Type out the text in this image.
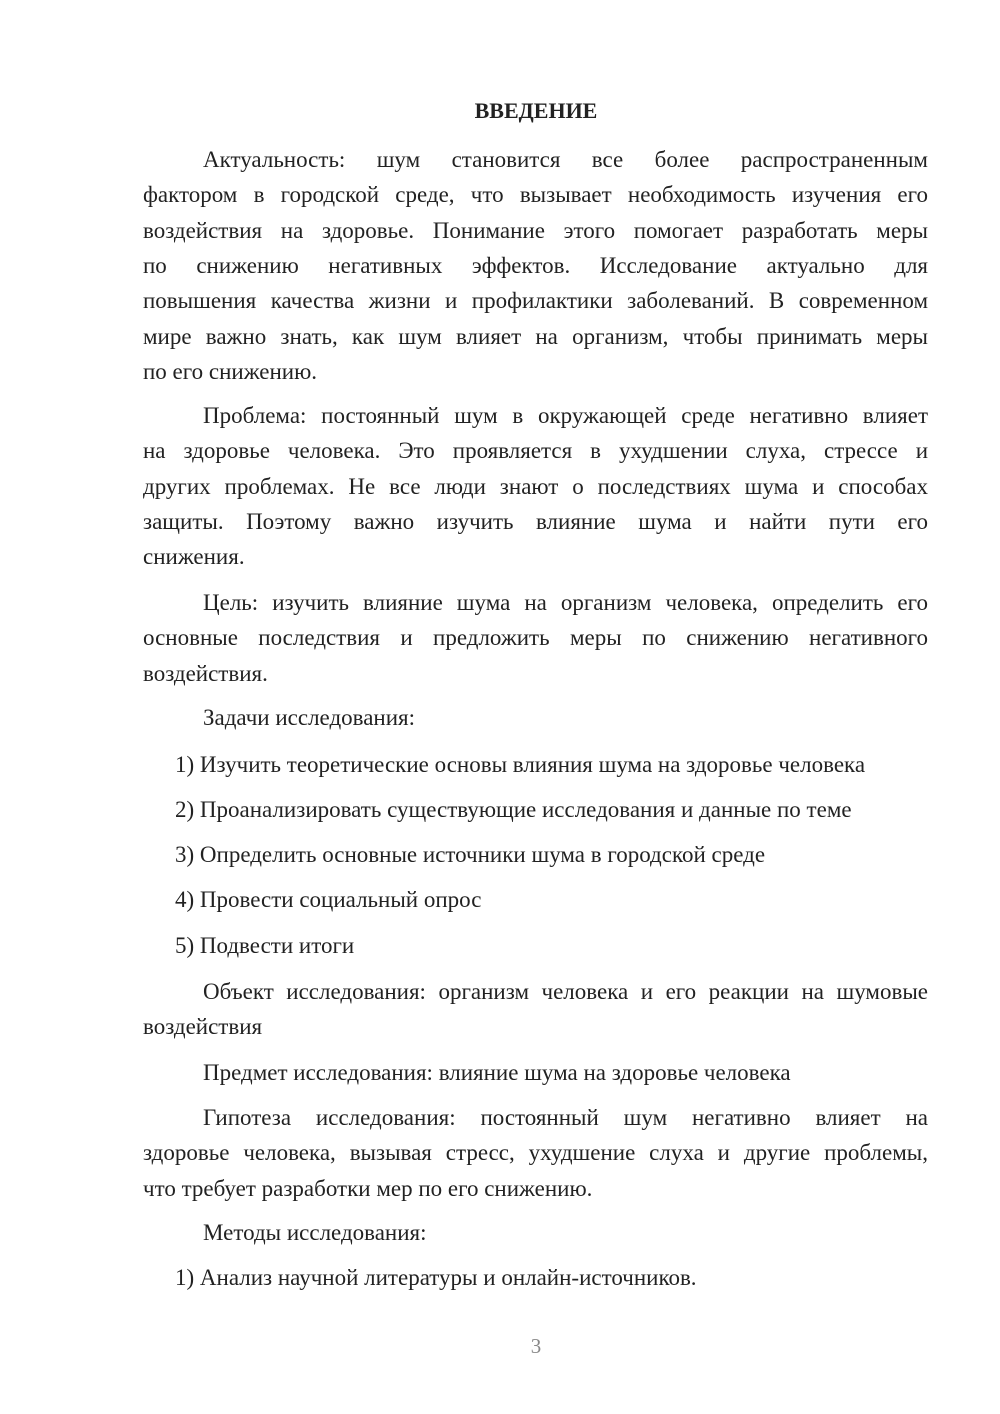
ВВЕДЕНИЕ
Актуальность: шум становится все более распространенным
фактором в городской среде, что вызывает необходимость изучения его
воздействия на здоровье. Понимание этого помогает разработать меры
по снижению негативных эффектов. Исследование актуально для
повышения качества жизни и профилактики заболеваний. В современном
мире важно знать, как шум влияет на организм, чтобы принимать меры
по его снижению.
Проблема: постоянный шум в окружающей среде негативно влияет
на здоровье человека. Это проявляется в ухудшении слуха, стрессе и
других проблемах. Не все люди знают о последствиях шума и способах
защиты. Поэтому важно изучить влияние шума и найти пути его
снижения.
Цель: изучить влияние шума на организм человека, определить его
основные последствия и предложить меры по снижению негативного
воздействия.
Задачи исследования:
1) Изучить теоретические основы влияния шума на здоровье человека
2) Проанализировать существующие исследования и данные по теме
3) Определить основные источники шума в городской среде
4) Провести социальный опрос
5) Подвести итоги
Объект исследования: организм человека и его реакции на шумовые
воздействия
Предмет исследования: влияние шума на здоровье человека
Гипотеза исследования: постоянный шум негативно влияет на
здоровье человека, вызывая стресс, ухудшение слуха и другие проблемы,
что требует разработки мер по его снижению.
Методы исследования:
1) Анализ научной литературы и онлайн-источников.
3
